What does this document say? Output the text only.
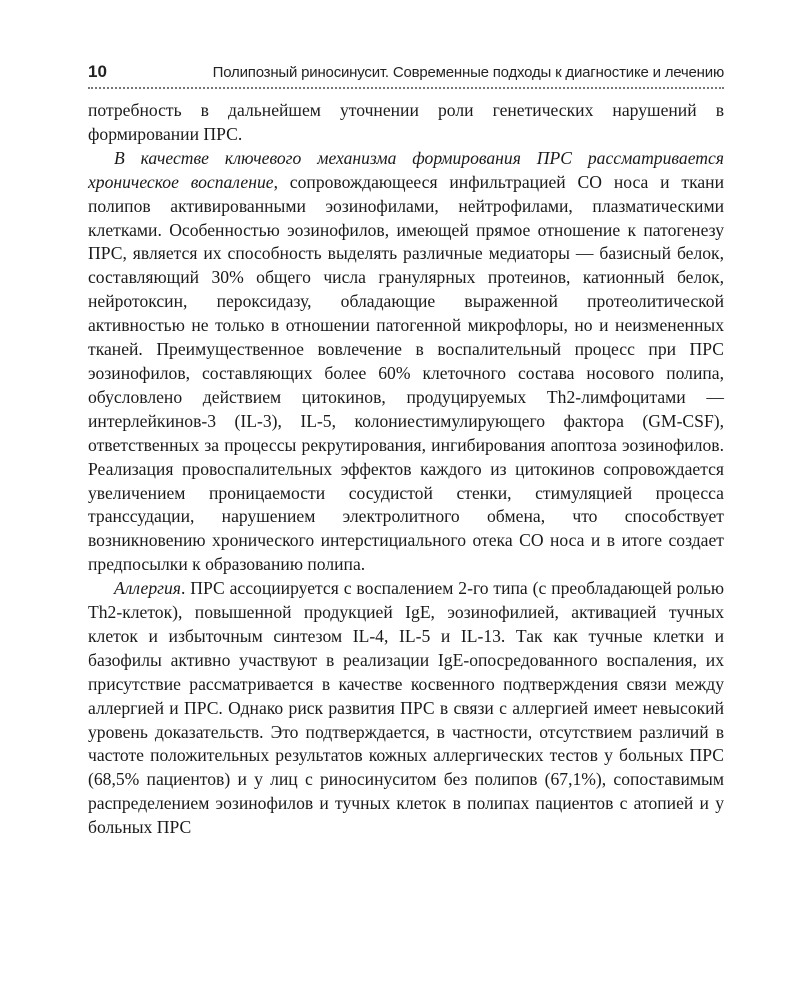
10	Полипозный риносинусит. Современные подходы к диагностике и лечению

потребность в дальнейшем уточнении роли генетических нарушений в формировании ПРС.

В качестве ключевого механизма формирования ПРС рассматривается хроническое воспаление, сопровождающееся инфильтрацией СО носа и ткани полипов активированными эозинофилами, нейтрофилами, плазматическими клетками. Особенностью эозинофилов, имеющей прямое отношение к патогенезу ПРС, является их способность выделять различные медиаторы — базисный белок, составляющий 30% общего числа гранулярных протеинов, катионный белок, нейротоксин, пероксидазу, обладающие выраженной протеолитической активностью не только в отношении патогенной микрофлоры, но и неизмененных тканей. Преимущественное вовлечение в воспалительный процесс при ПРС эозинофилов, составляющих более 60% клеточного состава носового полипа, обусловлено действием цитокинов, продуцируемых Th2-лимфоцитами — интерлейкинов-3 (IL-3), IL-5, колониестимулирующего фактора (GM-CSF), ответственных за процессы рекрутирования, ингибирования апоптоза эозинофилов. Реализация провоспалительных эффектов каждого из цитокинов сопровождается увеличением проницаемости сосудистой стенки, стимуляцией процесса транссудации, нарушением электролитного обмена, что способствует возникновению хронического интерстициального отека СО носа и в итоге создает предпосылки к образованию полипа.

Аллергия. ПРС ассоциируется с воспалением 2-го типа (с преобладающей ролью Th2-клеток), повышенной продукцией IgE, эозинофилией, активацией тучных клеток и избыточным синтезом IL-4, IL-5 и IL-13. Так как тучные клетки и базофилы активно участвуют в реализации IgE-опосредованного воспаления, их присутствие рассматривается в качестве косвенного подтверждения связи между аллергией и ПРС. Однако риск развития ПРС в связи с аллергией имеет невысокий уровень доказательств. Это подтверждается, в частности, отсутствием различий в частоте положительных результатов кожных аллергических тестов у больных ПРС (68,5% пациентов) и у лиц с риносинуситом без полипов (67,1%), сопоставимым распределением эозинофилов и тучных клеток в полипах пациентов с атопией и у больных ПРС
